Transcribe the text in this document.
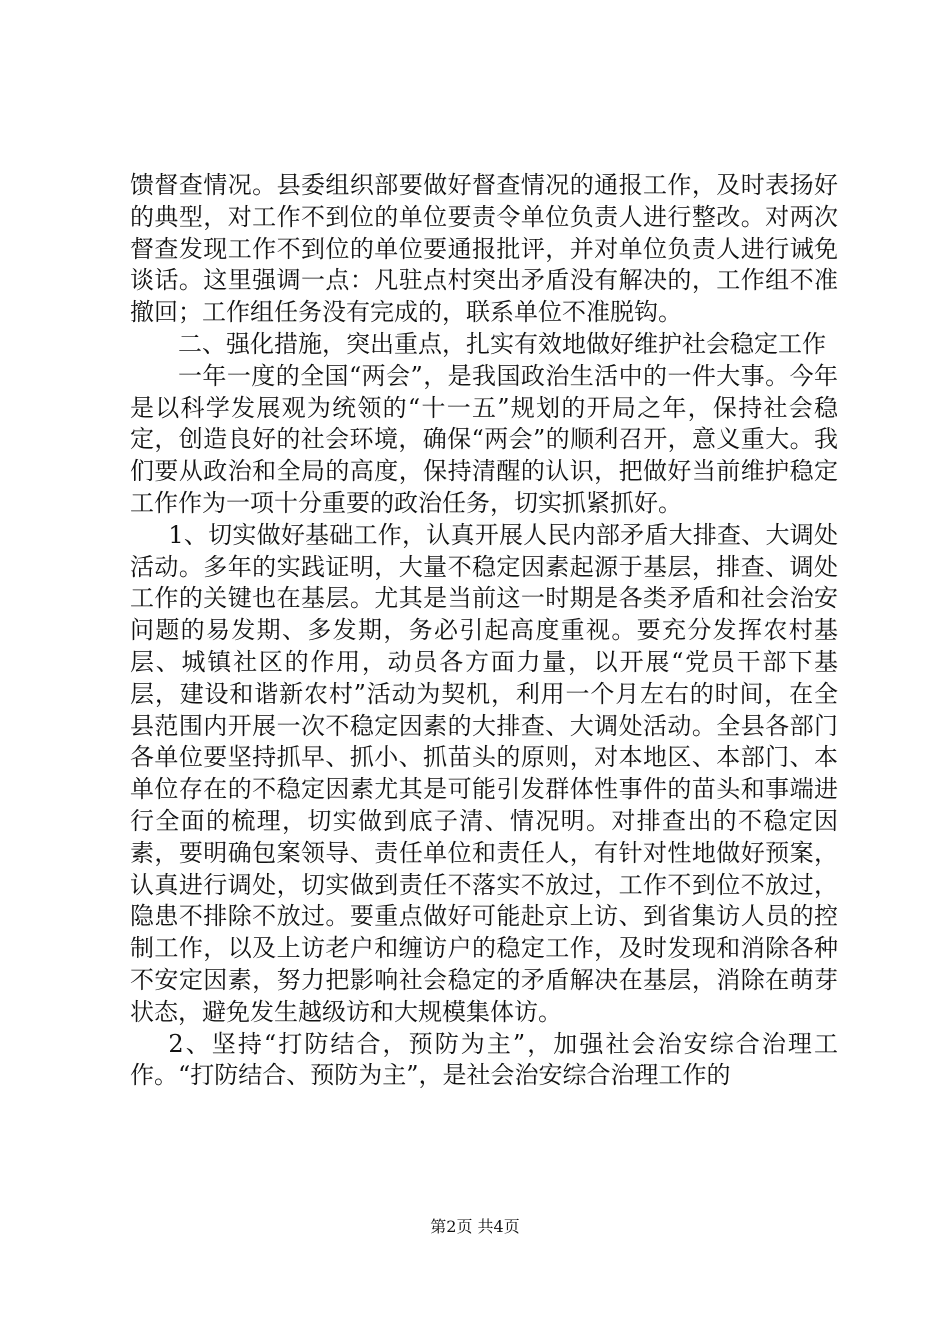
馈督查情况。县委组织部要做好督查情况的通报工作，及时表扬好的典型，对工作不到位的单位要责令单位负责人进行整改。对两次督查发现工作不到位的单位要通报批评，并对单位负责人进行诫免谈话。这里强调一点：凡驻点村突出矛盾没有解决的，工作组不准撤回；工作组任务没有完成的，联系单位不准脱钩。

二、强化措施，突出重点，扎实有效地做好维护社会稳定工作

一年一度的全国“两会”，是我国政治生活中的一件大事。今年是以科学发展观为统领的“十一五”规划的开局之年，保持社会稳定，创造良好的社会环境，确保“两会”的顺利召开，意义重大。我们要从政治和全局的高度，保持清醒的认识，把做好当前维护稳定工作作为一项十分重要的政治任务，切实抓紧抓好。

1、切实做好基础工作，认真开展人民内部矛盾大排查、大调处活动。多年的实践证明，大量不稳定因素起源于基层，排查、调处工作的关键也在基层。尤其是当前这一时期是各类矛盾和社会治安问题的易发期、多发期，务必引起高度重视。要充分发挥农村基层、城镇社区的作用，动员各方面力量，以开展“党员干部下基层，建设和谐新农村”活动为契机，利用一个月左右的时间，在全县范围内开展一次不稳定因素的大排查、大调处活动。全县各部门各单位要坚持抓早、抓小、抓苗头的原则，对本地区、本部门、本单位存在的不稳定因素尤其是可能引发群体性事件的苗头和事端进行全面的梳理，切实做到底子清、情况明。对排查出的不稳定因素，要明确包案领导、责任单位和责任人，有针对性地做好预案，认真进行调处，切实做到责任不落实不放过，工作不到位不放过，隐患不排除不放过。要重点做好可能赴京上访、到省集访人员的控制工作，以及上访老户和缠访户的稳定工作，及时发现和消除各种不安定因素，努力把影响社会稳定的矛盾解决在基层，消除在萌芽状态，避免发生越级访和大规模集体访。

2、坚持“打防结合，预防为主”，加强社会治安综合治理工作。“打防结合、预防为主”，是社会治安综合治理工作的

第2页 共4页
